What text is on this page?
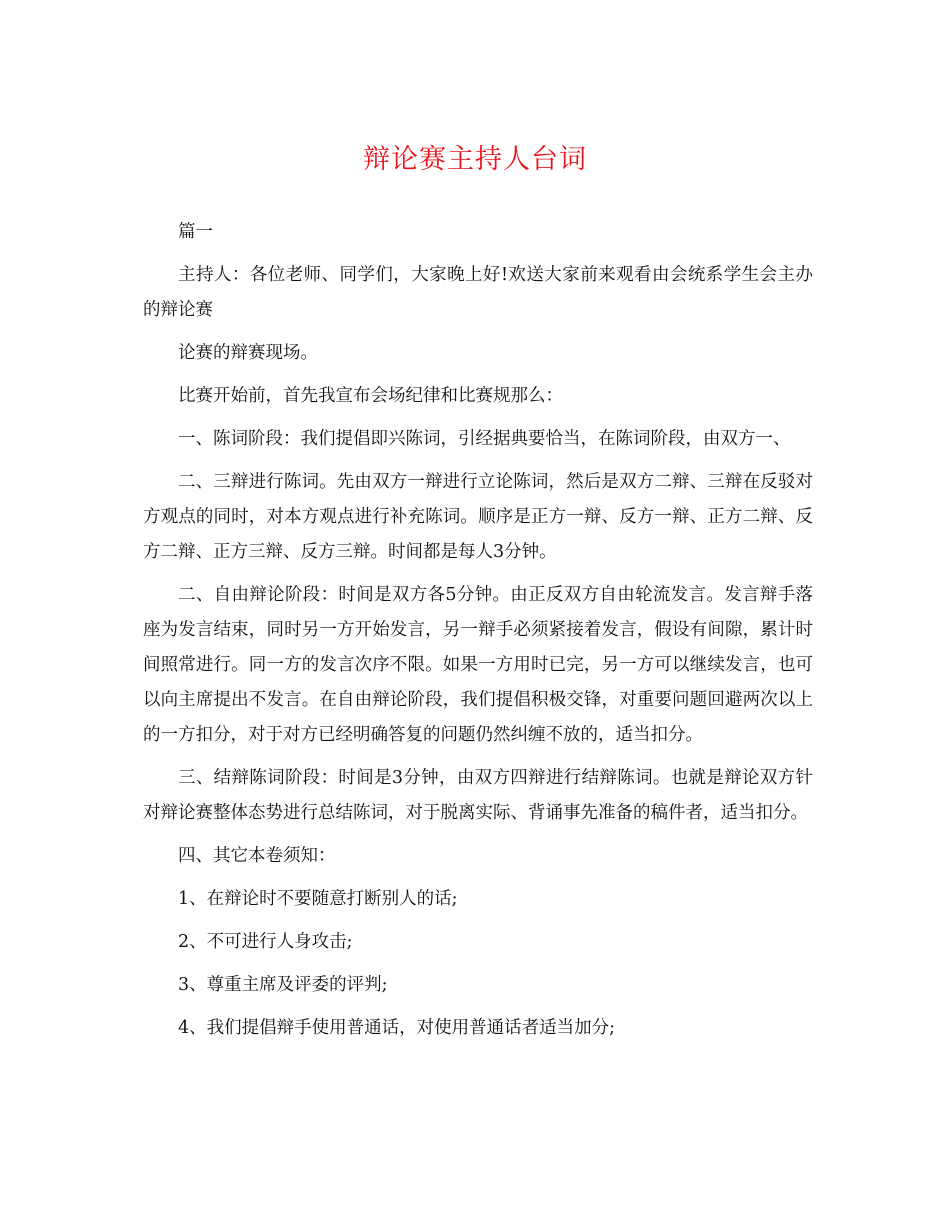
辩论赛主持人台词

篇一

主持人：各位老师、同学们，大家晚上好!欢送大家前来观看由会统系学生会主办的辩论赛

论赛的辩赛现场。

比赛开始前，首先我宣布会场纪律和比赛规那么：

一、陈词阶段：我们提倡即兴陈词，引经据典要恰当，在陈词阶段，由双方一、

二、三辩进行陈词。先由双方一辩进行立论陈词，然后是双方二辩、三辩在反驳对方观点的同时，对本方观点进行补充陈词。顺序是正方一辩、反方一辩、正方二辩、反方二辩、正方三辩、反方三辩。时间都是每人3分钟。

二、自由辩论阶段：时间是双方各5分钟。由正反双方自由轮流发言。发言辩手落座为发言结束，同时另一方开始发言，另一辩手必须紧接着发言，假设有间隙，累计时间照常进行。同一方的发言次序不限。如果一方用时已完，另一方可以继续发言，也可以向主席提出不发言。在自由辩论阶段，我们提倡积极交锋，对重要问题回避两次以上的一方扣分，对于对方已经明确答复的问题仍然纠缠不放的，适当扣分。

三、结辩陈词阶段：时间是3分钟，由双方四辩进行结辩陈词。也就是辩论双方针对辩论赛整体态势进行总结陈词，对于脱离实际、背诵事先准备的稿件者，适当扣分。

四、其它本卷须知：

1、在辩论时不要随意打断别人的话;

2、不可进行人身攻击;

3、尊重主席及评委的评判;

4、我们提倡辩手使用普通话，对使用普通话者适当加分;
